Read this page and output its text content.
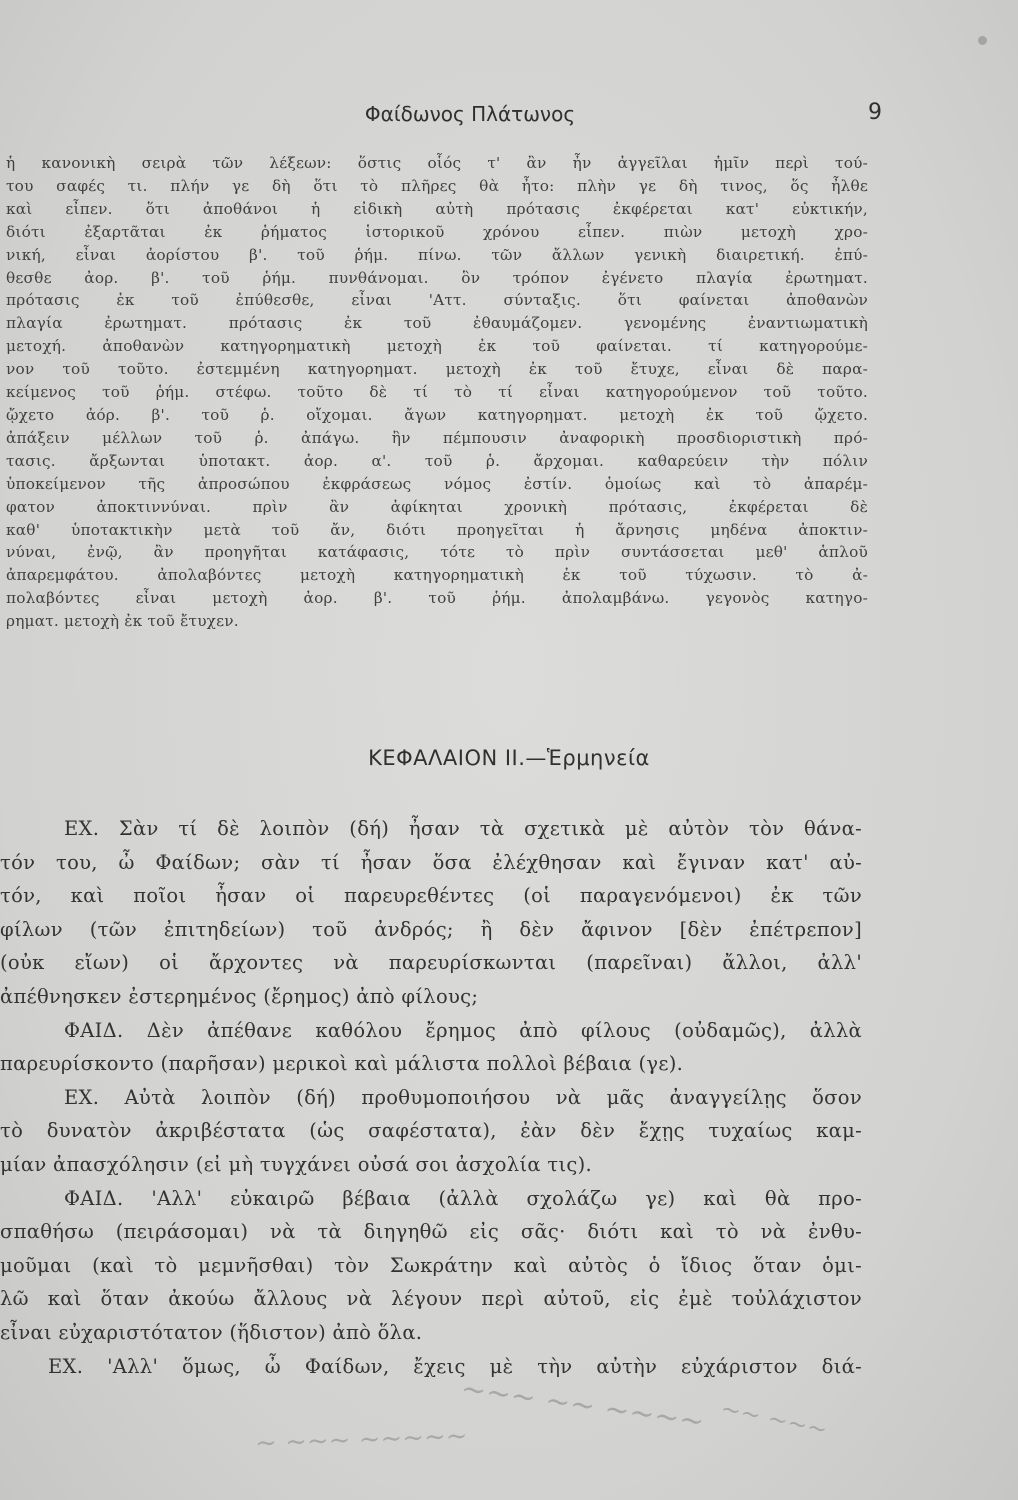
Φαίδωνος Πλάτωνος	9
ἡ κανονικὴ σειρὰ τῶν λέξεων: ὅστις οἷός τ' ἂν ἦν ἀγγεῖλαι ἡμῖν περὶ τού-
του σαφές τι. πλήν γε δὴ ὅτι τὸ πλῆρες θὰ ἦτο: πλὴν γε δὴ τινος, ὅς ἦλθε
καὶ εἶπεν. ὅτι ἀποθάνοι ἡ εἰδικὴ αὐτὴ πρότασις ἐκφέρεται κατ' εὐκτικήν,
διότι ἐξαρτᾶται ἐκ ῥήματος ἱστορικοῦ χρόνου εἶπεν. πιὼν μετοχὴ χρο-
νική, εἶναι ἀορίστου β'. τοῦ ῥήμ. πίνω. τῶν ἄλλων γενικὴ διαιρετική. ἐπύ-
θεσθε ἀορ. β'. τοῦ ῥήμ. πυνθάνομαι. ὃν τρόπον ἐγένετο πλαγία ἐρωτηματ.
πρότασις ἐκ τοῦ ἐπύθεσθε, εἶναι 'Αττ. σύνταξις. ὅτι φαίνεται ἀποθανὼν
πλαγία ἐρωτηματ. πρότασις ἐκ τοῦ ἐθαυμάζομεν. γενομένης ἐναντιωματικὴ
μετοχή. ἀποθανὼν κατηγορηματικὴ μετοχὴ ἐκ τοῦ φαίνεται. τί κατηγορούμε-
νον τοῦ τοῦτο. ἐστεμμένη κατηγορηματ. μετοχὴ ἐκ τοῦ ἔτυχε, εἶναι δὲ παρα-
κείμενος τοῦ ῥήμ. στέφω. τοῦτο δὲ τί τὸ τί εἶναι κατηγορούμενον τοῦ τοῦτο.
ᾤχετο ἀόρ. β'. τοῦ ῥ. οἴχομαι. ἄγων κατηγορηματ. μετοχὴ ἐκ τοῦ ᾤχετο.
ἀπάξειν μέλλων τοῦ ῥ. ἀπάγω. ἣν πέμπουσιν ἀναφορικὴ προσδιοριστικὴ πρό-
τασις. ἄρξωνται ὑποτακτ. ἀορ. α'. τοῦ ῥ. ἄρχομαι. καθαρεύειν τὴν πόλιν
ὑποκείμενον τῆς ἀπροσώπου ἐκφράσεως νόμος ἐστίν. ὁμοίως καὶ τὸ ἀπαρέμ-
φατον ἀποκτιννύναι. πρὶν ἂν ἀφίκηται χρονικὴ πρότασις, ἐκφέρεται δὲ
καθ' ὑποτακτικὴν μετὰ τοῦ ἄν, διότι προηγεῖται ἡ ἄρνησις μηδένα ἀποκτιν-
νύναι, ἐνῷ, ἂν προηγῆται κατάφασις, τότε τὸ πρὶν συντάσσεται μεθ' ἁπλοῦ
ἀπαρεμφάτου. ἀπολαβόντες μετοχὴ κατηγορηματικὴ ἐκ τοῦ τύχωσιν. τὸ ἀ-
πολαβόντες εἶναι μετοχὴ ἀορ. β'. τοῦ ῥήμ. ἀπολαμβάνω. γεγονὸς κατηγο-
ρηματ. μετοχὴ ἐκ τοῦ ἔτυχεν.
ΚΕΦΑΛΑΙΟΝ ΙΙ.—Ἑρμηνεία
ΕΧ. Σὰν τί δὲ λοιπὸν (δή) ἦσαν τὰ σχετικὰ μὲ αὐτὸν τὸν θάνα-
τόν του, ὦ Φαίδων; σὰν τί ἦσαν ὅσα ἐλέχθησαν καὶ ἔγιναν κατ' αὐ-
τόν, καὶ ποῖοι ἦσαν οἱ παρευρεθέντες (οἱ παραγενόμενοι) ἐκ τῶν
φίλων (τῶν ἐπιτηδείων) τοῦ ἀνδρός; ἢ δὲν ἄφινον [δὲν ἐπέτρεπον]
(οὐκ εἴων) οἱ ἄρχοντες νὰ παρευρίσκωνται (παρεῖναι) ἄλλοι, ἀλλ'
ἀπέθνησκεν ἐστερημένος (ἔρημος) ἀπὸ φίλους;
ΦΑΙΔ. Δὲν ἀπέθανε καθόλου ἔρημος ἀπὸ φίλους (οὐδαμῶς), ἀλλὰ
παρευρίσκοντο (παρῆσαν) μερικοὶ καὶ μάλιστα πολλοὶ βέβαια (γε).
ΕΧ. Αὐτὰ λοιπὸν (δή) προθυμοποιήσου νὰ μᾶς ἀναγγείλῃς ὅσον
τὸ δυνατὸν ἀκριβέστατα (ὡς σαφέστατα), ἐὰν δὲν ἔχῃς τυχαίως καμ-
μίαν ἀπασχόλησιν (εἰ μὴ τυγχάνει οὐσά σοι ἀσχολία τις).
ΦΑΙΔ. 'Αλλ' εὐκαιρῶ βέβαια (ἀλλὰ σχολάζω γε) καὶ θὰ προ-
σπαθήσω (πειράσομαι) νὰ τὰ διηγηθῶ εἰς σᾶς· διότι καὶ τὸ νὰ ἐνθυ-
μοῦμαι (καὶ τὸ μεμνῆσθαι) τὸν Σωκράτην καὶ αὐτὸς ὁ ἴδιος ὅταν ὁμι-
λῶ καὶ ὅταν ἀκούω ἄλλους νὰ λέγουν περὶ αὐτοῦ, εἰς ἐμὲ τοὐλάχιστον
εἶναι εὐχαριστότατον (ἥδιστον) ἀπὸ ὅλα.
ΕΧ. 'Αλλ' ὅμως, ὦ Φαίδων, ἔχεις μὲ τὴν αὐτὴν εὐχάριστον διά-
~~~ ~~ ~~~~
~ ~~~ ~~~~~	~~ ~~~
